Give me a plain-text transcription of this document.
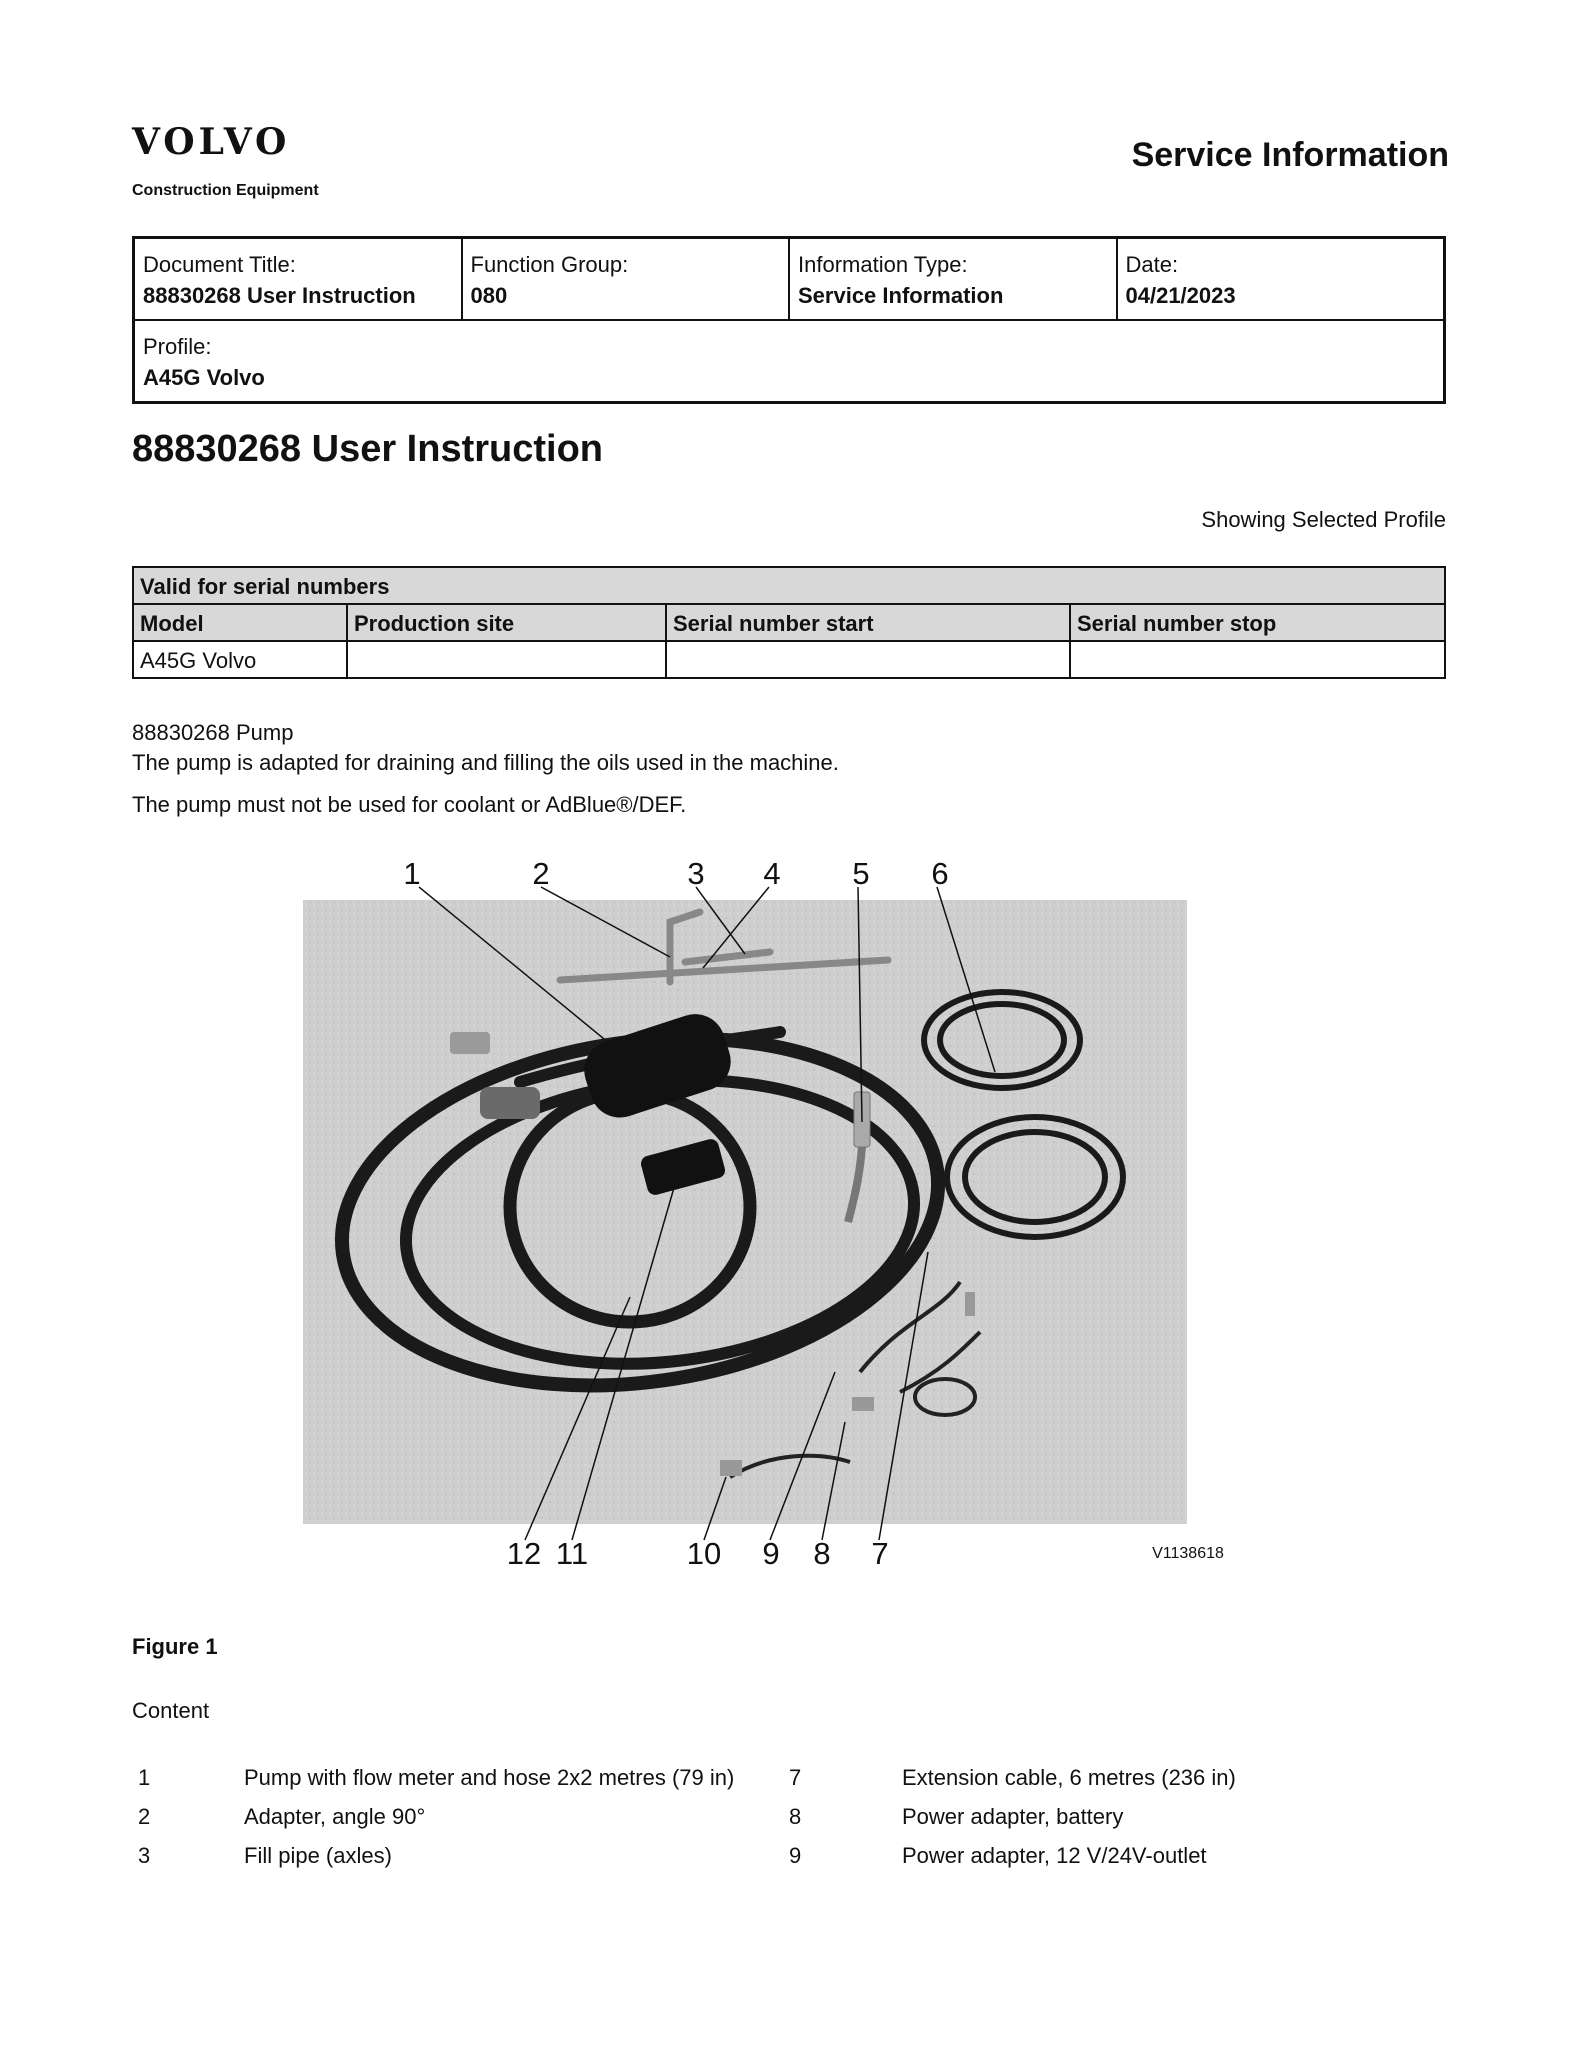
VOLVO
Construction Equipment
Service Information
Document Title:
88830268 User Instruction
Function Group:
080
Information Type:
Service Information
Date:
04/21/2023
Profile:
A45G Volvo
88830268 User Instruction
Showing Selected Profile
Valid for serial numbers			
Model	Production site	Serial number start	Serial number stop
A45G Volvo			
88830268 Pump
The pump is adapted for draining and filling the oils used in the machine.
The pump must not be used for coolant or AdBlue®/DEF.
1	2	3 4 5 6
12 11	10 9 8 7	V1138618
Figure 1
Content
1	Pump with flow meter and hose 2x2 metres (79 in)	7	Extension cable, 6 metres (236 in)
2	Adapter, angle 90°	8	Power adapter, battery
3	Fill pipe (axles)	9	Power adapter, 12 V/24V-outlet
